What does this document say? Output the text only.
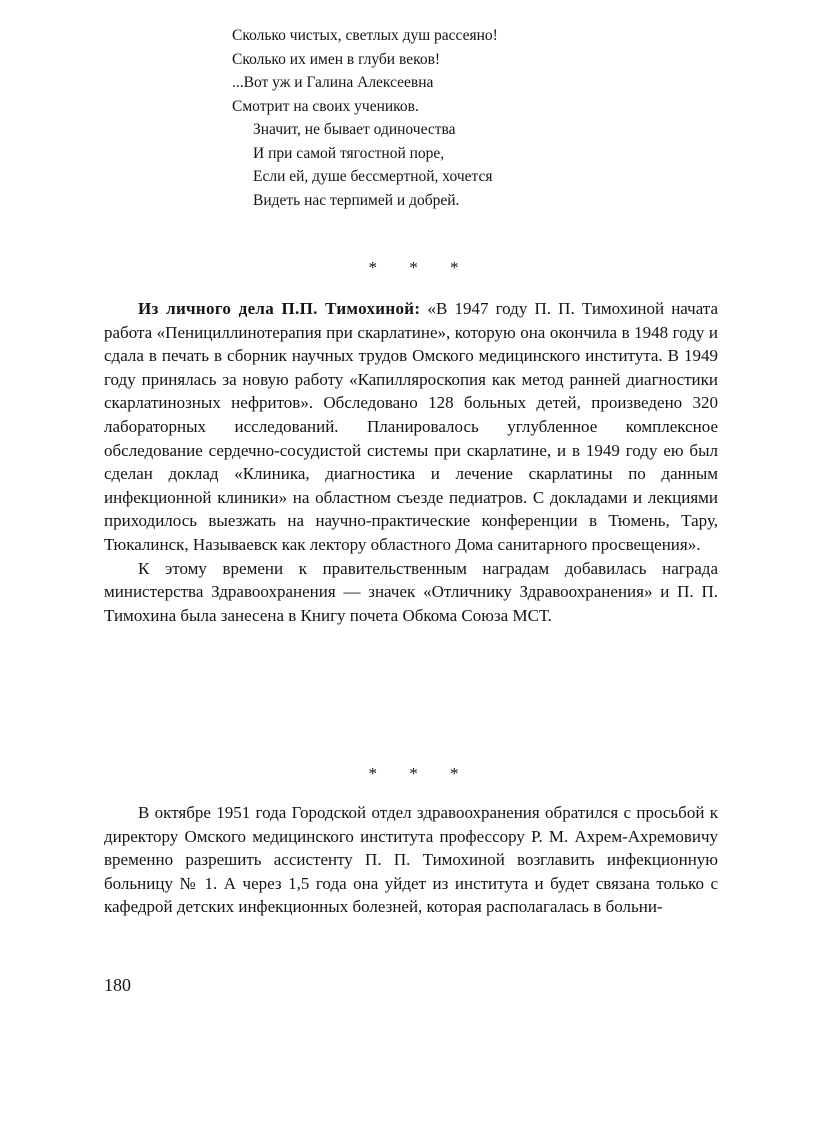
Сколько чистых, светлых душ рассеяно!
Сколько их имен в глуби веков!
...Вот уж и Галина Алексеевна
Смотрит на своих учеников.
Значит, не бывает одиночества
И при самой тягостной поре,
Если ей, душе бессмертной, хочется
Видеть нас терпимей и добрей.
* * *

Из личного дела П.П. Тимохиной: «В 1947 году П. П. Тимохиной начата работа «Пенициллинотерапия при скарлатине», которую она окончила в 1948 году и сдала в печать в сборник научных трудов Омского медицинского института. В 1949 году принялась за новую работу «Капилляроскопия как метод ранней диагностики скарлатинозных нефритов». Обследовано 128 больных детей, произведено 320 лабораторных исследований. Планировалось углубленное комплексное обследование сердечно-сосудистой системы при скарлатине, и в 1949 году ею был сделан доклад «Клиника, диагностика и лечение скарлатины по данным инфекционной клиники» на областном съезде педиатров. С докладами и лекциями приходилось выезжать на научно-практические конференции в Тюмень, Тару, Тюкалинск, Называевск как лектору областного Дома санитарного просвещения».

К этому времени к правительственным наградам добавилась награда министерства Здравоохранения — значек «Отличнику Здравоохранения» и П. П. Тимохина была занесена в Книгу почета Обкома Союза МСТ.

* * *

В октябре 1951 года Городской отдел здравоохранения обратился с просьбой к директору Омского медицинского института профессору Р. М. Ахрем-Ахремовичу временно разрешить ассистенту П. П. Тимохиной возглавить инфекционную больницу № 1. А через 1,5 года она уйдет из института и будет связана только с кафедрой детских инфекционных болезней, которая располагалась в больни-

180
